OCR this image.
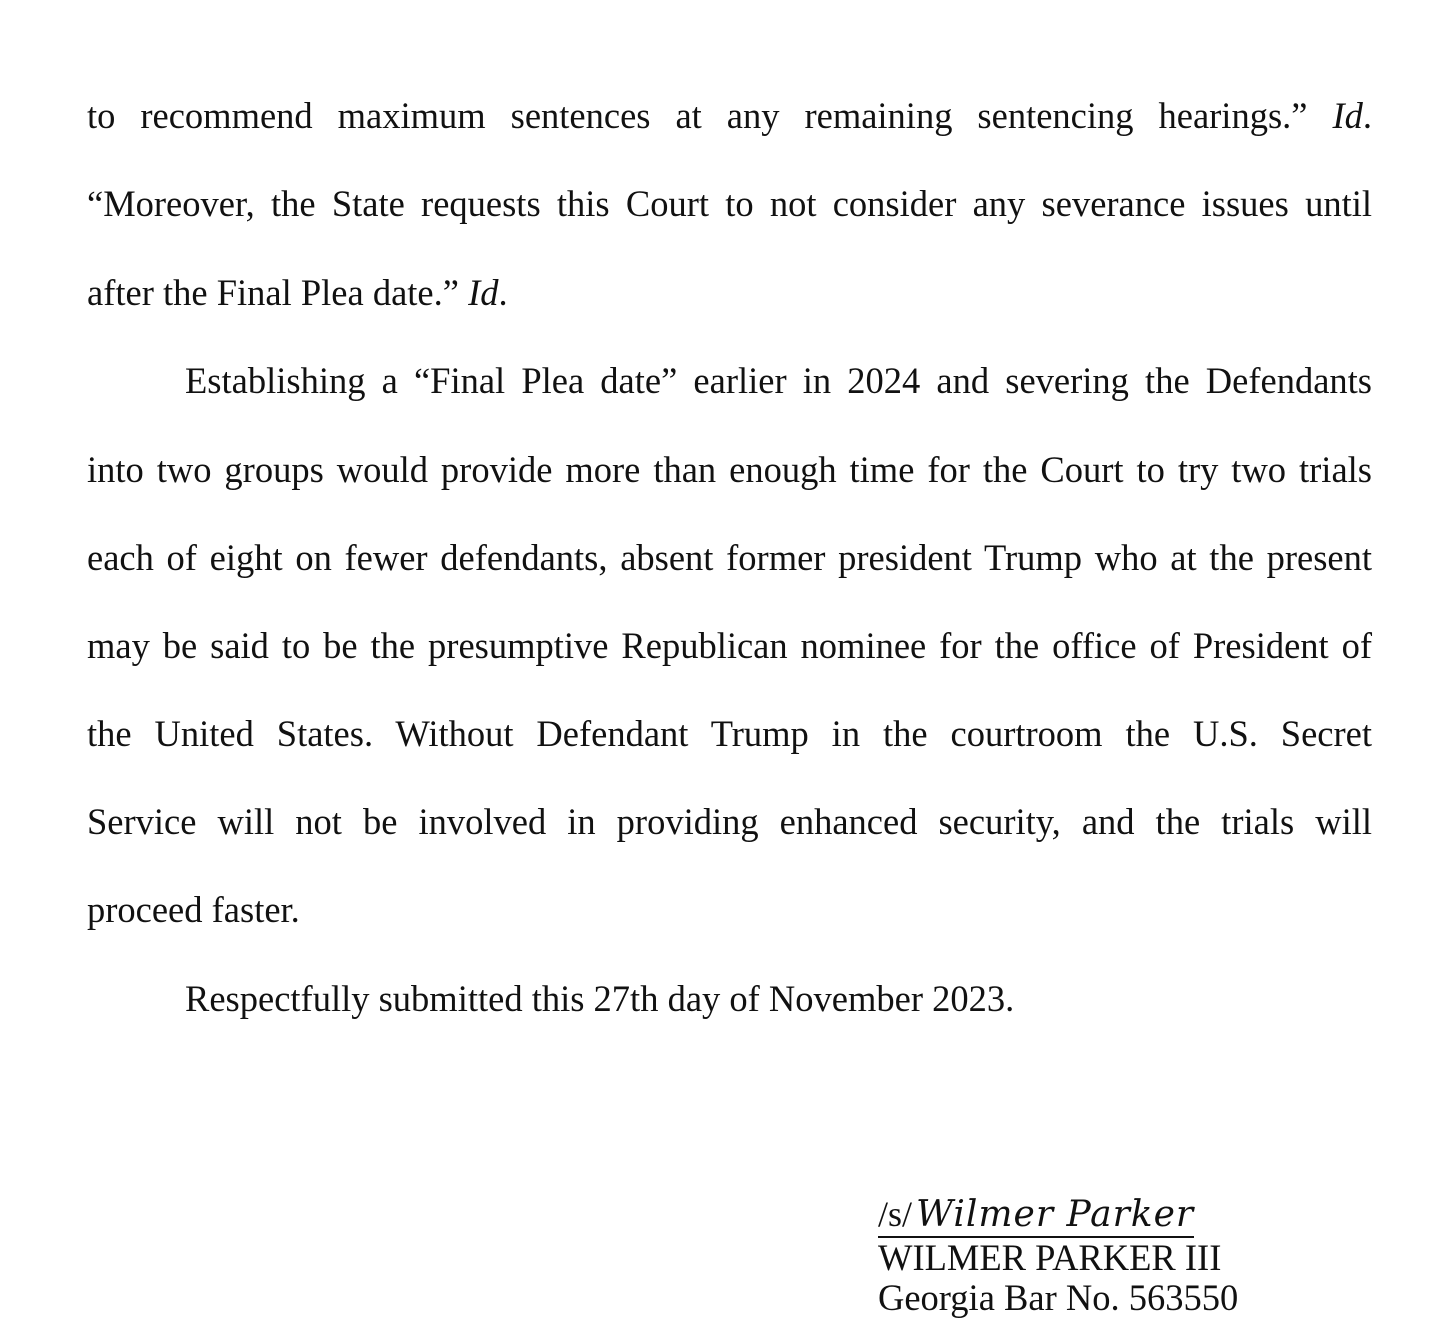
to recommend maximum sentences at any remaining sentencing hearings.” Id.
“Moreover, the State requests this Court to not consider any severance issues until
after the Final Plea date.” Id.
Establishing a “Final Plea date” earlier in 2024 and severing the Defendants
into two groups would provide more than enough time for the Court to try two trials
each of eight on fewer defendants, absent former president Trump who at the present
may be said to be the presumptive Republican nominee for the office of President of
the United States. Without Defendant Trump in the courtroom the U.S. Secret
Service will not be involved in providing enhanced security, and the trials will
proceed faster.
Respectfully submitted this 27th day of November 2023.
/s/ Wilmer Parker
WILMER PARKER III
Georgia Bar No. 563550
